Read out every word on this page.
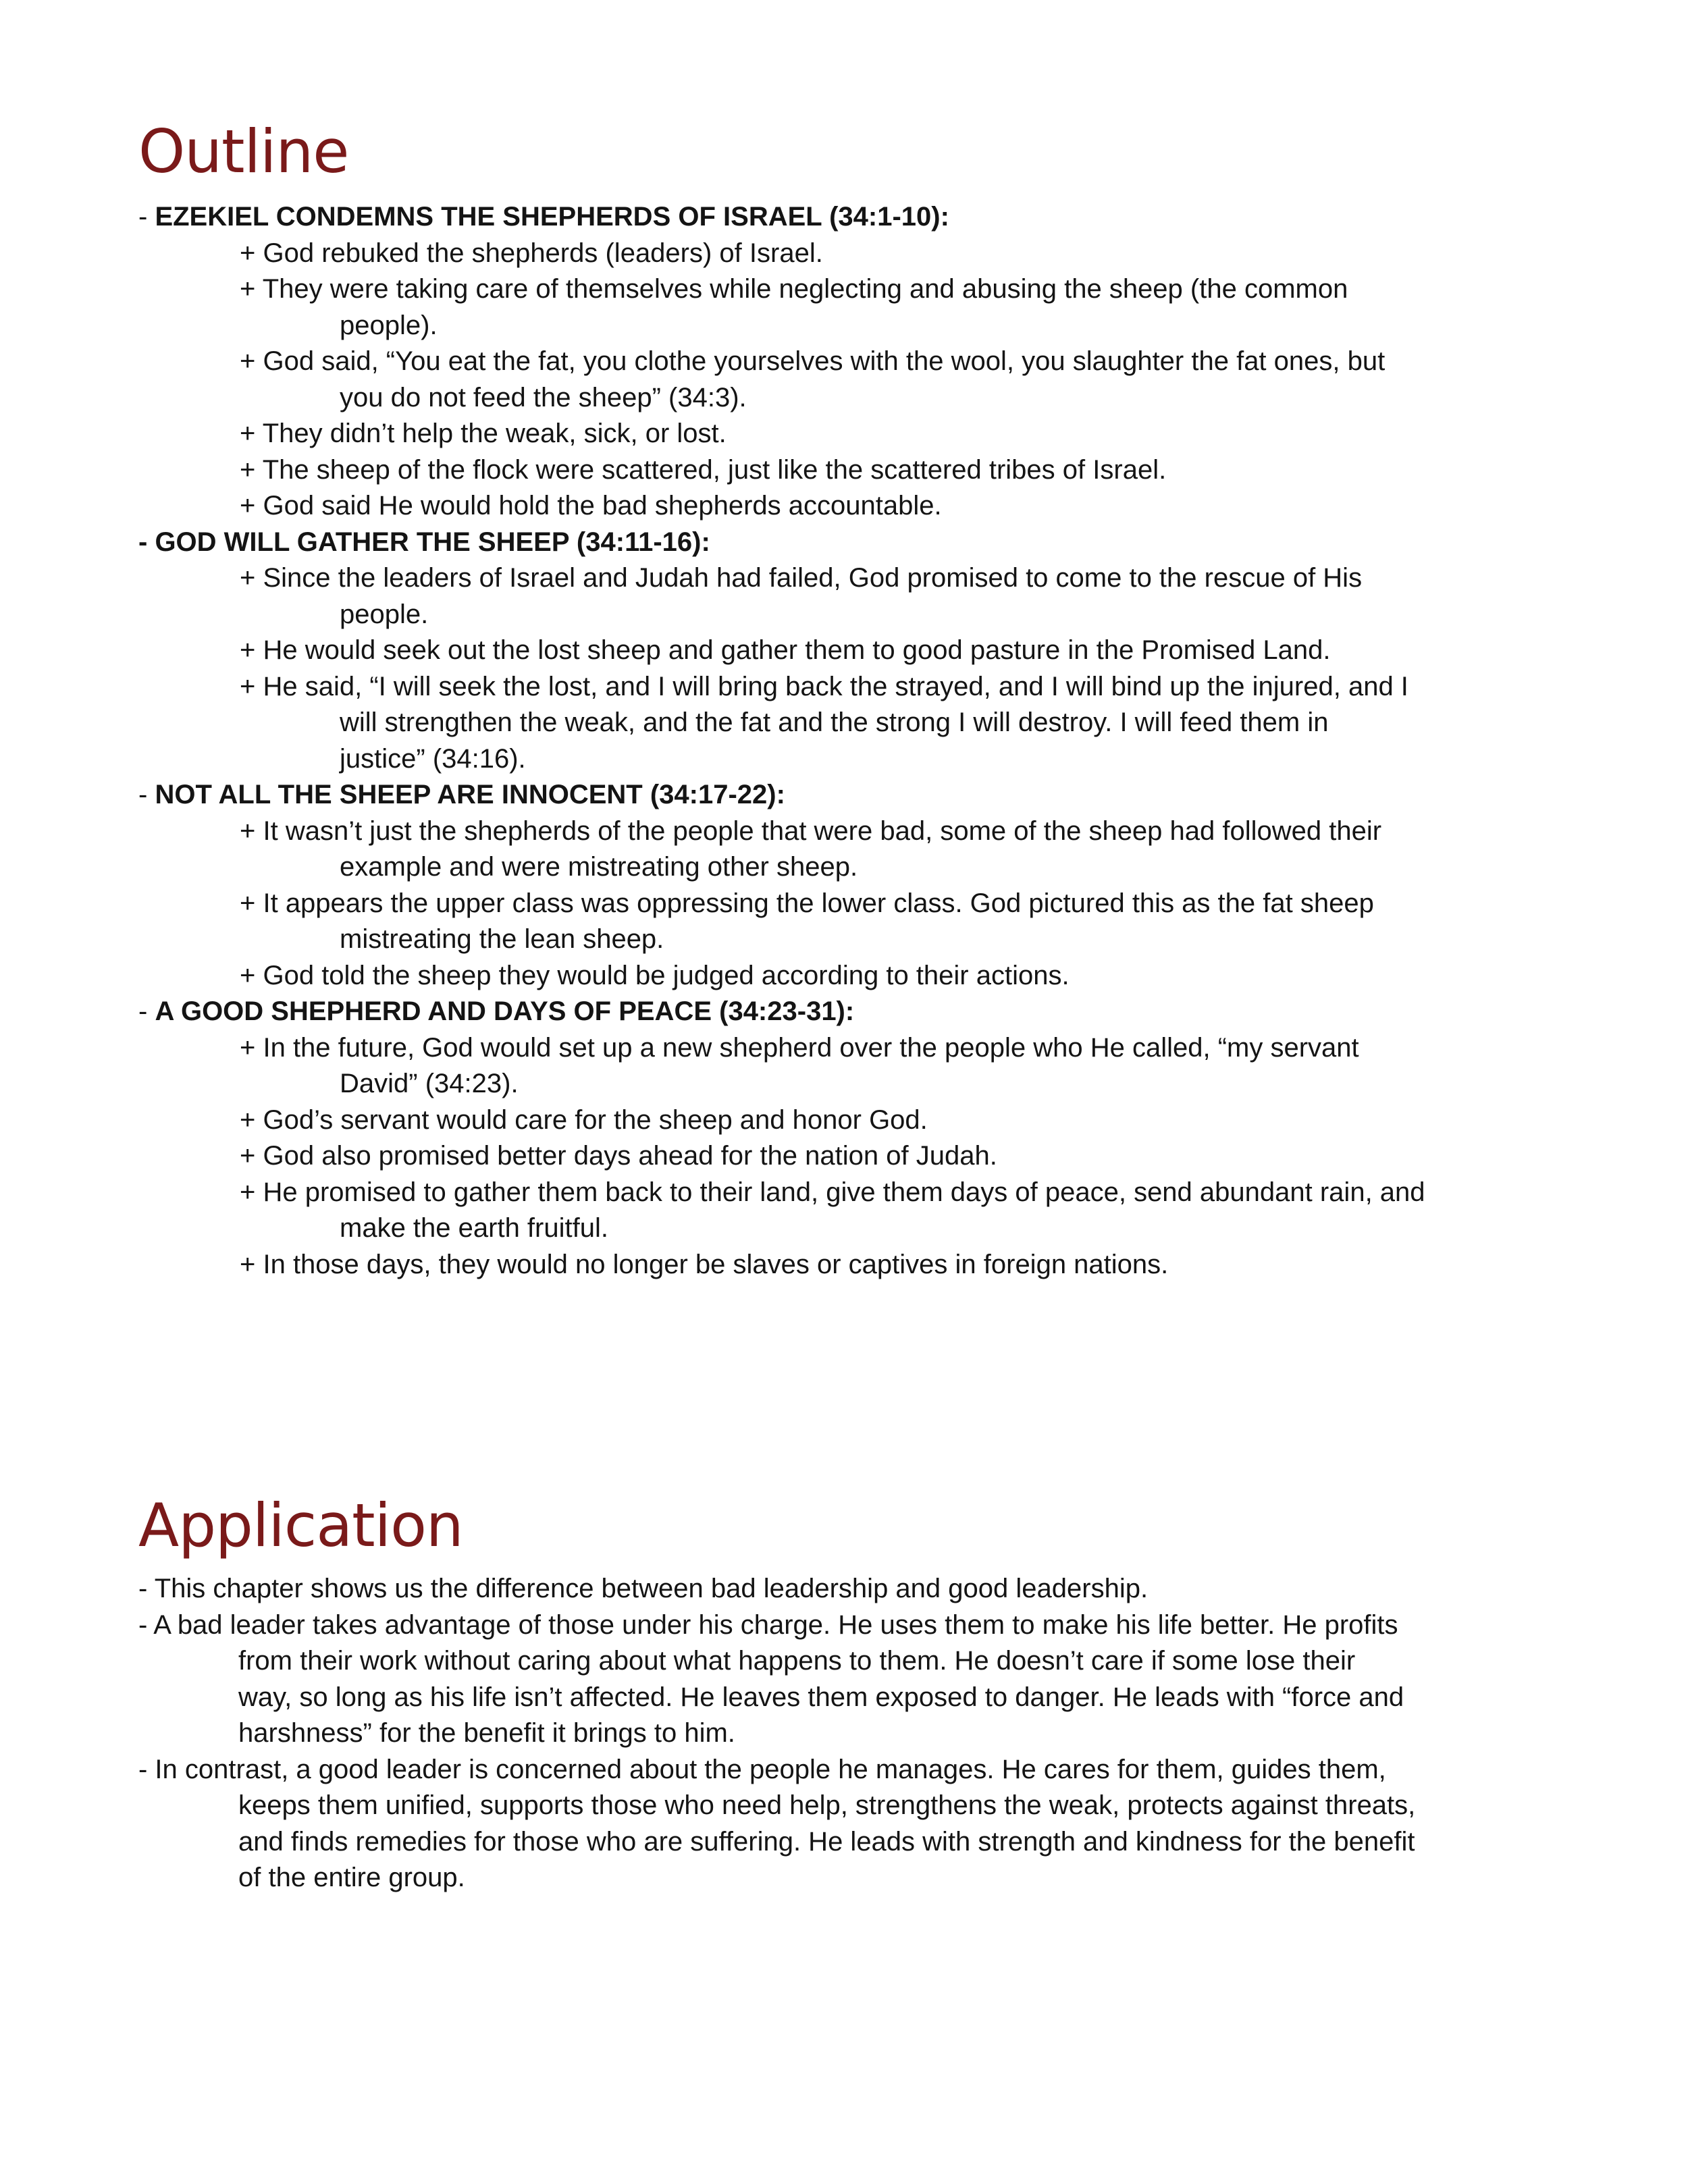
Outline

- EZEKIEL CONDEMNS THE SHEPHERDS OF ISRAEL (34:1-10):

+ God rebuked the shepherds (leaders) of Israel.

+ They were taking care of themselves while neglecting and abusing the sheep (the common
people).

+ God said, “You eat the fat, you clothe yourselves with the wool, you slaughter the fat ones, but
you do not feed the sheep” (34:3).

+ They didn’t help the weak, sick, or lost.

+ The sheep of the flock were scattered, just like the scattered tribes of Israel.

+ God said He would hold the bad shepherds accountable.

- GOD WILL GATHER THE SHEEP (34:11-16):

+ Since the leaders of Israel and Judah had failed, God promised to come to the rescue of His
people.

+ He would seek out the lost sheep and gather them to good pasture in the Promised Land.

+ He said, “I will seek the lost, and I will bring back the strayed, and I will bind up the injured, and I
will strengthen the weak, and the fat and the strong I will destroy. I will feed them in
justice” (34:16).

- NOT ALL THE SHEEP ARE INNOCENT (34:17-22):

+ It wasn’t just the shepherds of the people that were bad, some of the sheep had followed their
example and were mistreating other sheep.

+ It appears the upper class was oppressing the lower class. God pictured this as the fat sheep
mistreating the lean sheep.

+ God told the sheep they would be judged according to their actions.

- A GOOD SHEPHERD AND DAYS OF PEACE (34:23-31):

+ In the future, God would set up a new shepherd over the people who He called, “my servant
David” (34:23).

+ God’s servant would care for the sheep and honor God.

+ God also promised better days ahead for the nation of Judah.

+ He promised to gather them back to their land, give them days of peace, send abundant rain, and
make the earth fruitful.

+ In those days, they would no longer be slaves or captives in foreign nations.

Application

- This chapter shows us the difference between bad leadership and good leadership.

- A bad leader takes advantage of those under his charge. He uses them to make his life better. He profits
from their work without caring about what happens to them. He doesn’t care if some lose their
way, so long as his life isn’t affected. He leaves them exposed to danger. He leads with “force and
harshness” for the benefit it brings to him.

- In contrast, a good leader is concerned about the people he manages. He cares for them, guides them,
keeps them unified, supports those who need help, strengthens the weak, protects against threats,
and finds remedies for those who are suffering. He leads with strength and kindness for the benefit
of the entire group.
